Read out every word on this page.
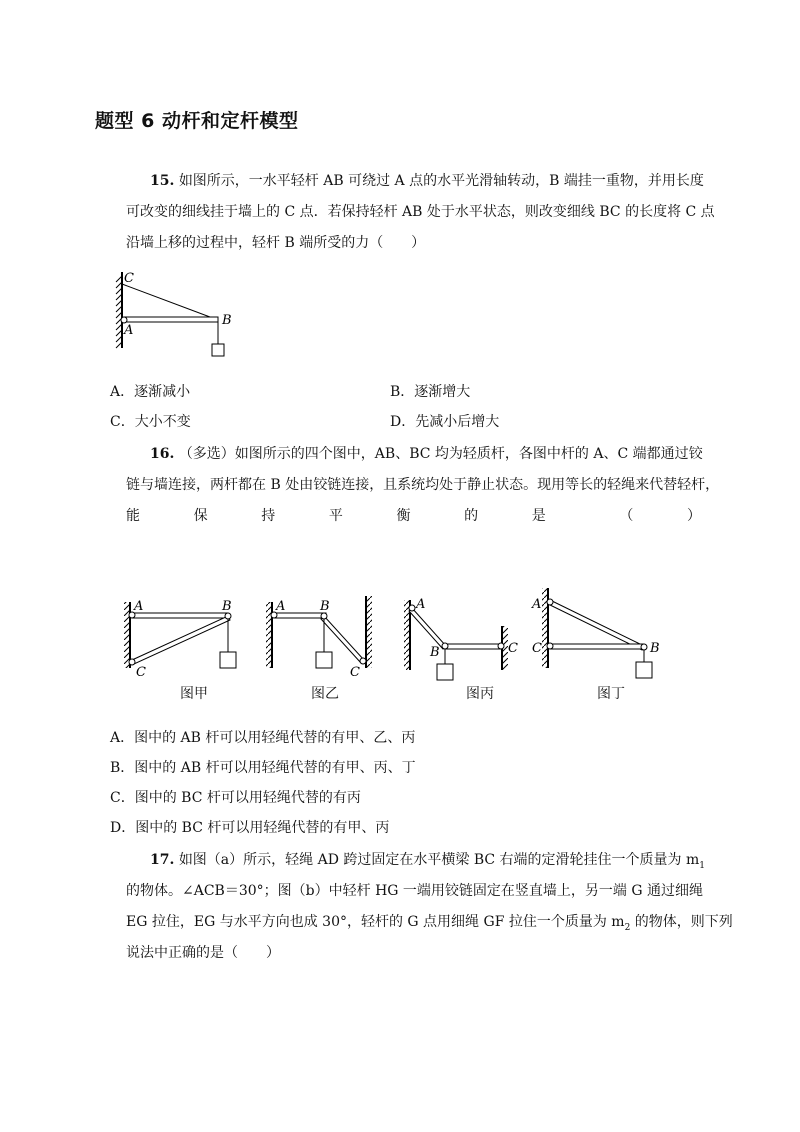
题型 6 动杆和定杆模型
15. 如图所示，一水平轻杆 AB 可绕过 A 点的水平光滑轴转动，B 端挂一重物，并用长度
可改变的细线挂于墙上的 C 点．若保持轻杆 AB 处于水平状态，则改变细线 BC 的长度将 C 点
沿墙上移的过程中，轻杆 B 端所受的力（　　）
C
A
B
A．逐渐减小	B．逐渐增大
C．大小不变	D．先减小后增大
16. （多选）如图所示的四个图中，AB、BC 均为轻质杆，各图中杆的 A、C 端都通过铰
链与墙连接，两杆都在 B 处由铰链连接，且系统均处于静止状态。现用等长的轻绳来代替轻杆，
能	保	持	平	衡	的	是	（	）
A	B
C
A	B
C
A
B	C
A
C	B
图甲	图乙	图丙	图丁
A．图中的 AB 杆可以用轻绳代替的有甲、乙、丙
B．图中的 AB 杆可以用轻绳代替的有甲、丙、丁
C．图中的 BC 杆可以用轻绳代替的有丙
D．图中的 BC 杆可以用轻绳代替的有甲、丙
17. 如图（a）所示，轻绳 AD 跨过固定在水平横梁 BC 右端的定滑轮挂住一个质量为 $m_1$
的物体。∠ACB＝30°；图（b）中轻杆 HG 一端用铰链固定在竖直墙上，另一端 G 通过细绳
EG 拉住，EG 与水平方向也成 30°，轻杆的 G 点用细绳 GF 拉住一个质量为 $m_2$ 的物体，则下列
说法中正确的是（　　）
